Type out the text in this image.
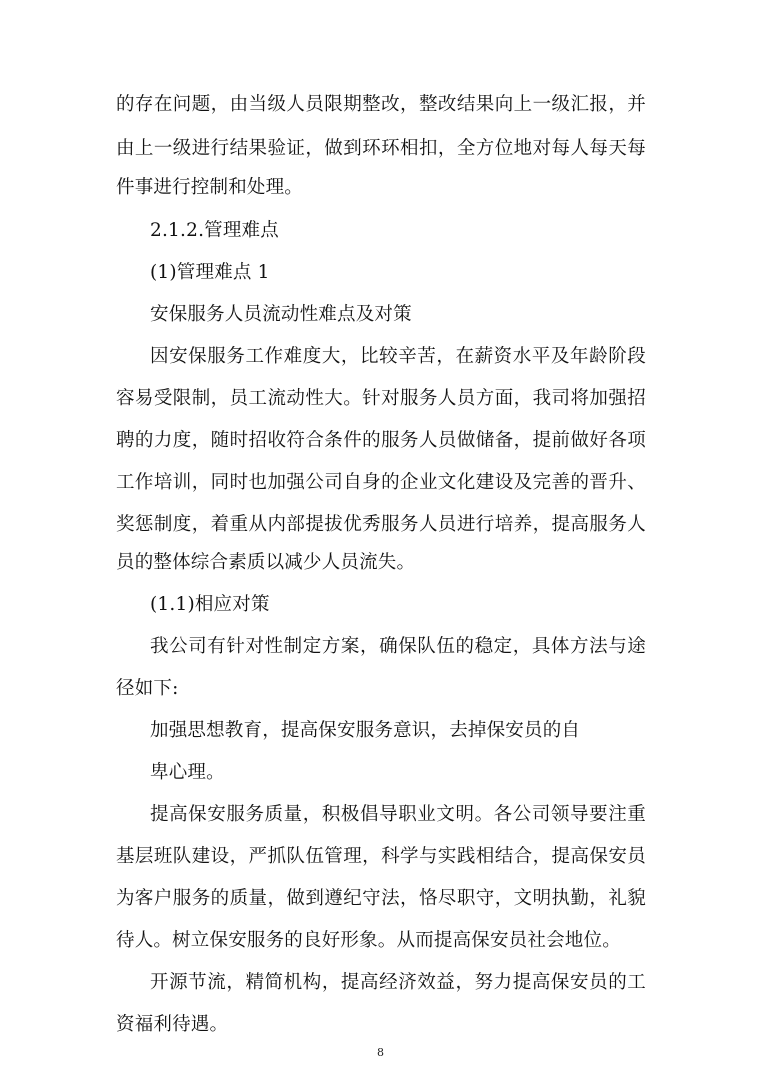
的存在问题，由当级人员限期整改，整改结果向上一级汇报，并
由上一级进行结果验证，做到环环相扣，全方位地对每人每天每
件事进行控制和处理。
2.1.2.管理难点
(1)管理难点 1
安保服务人员流动性难点及对策
因安保服务工作难度大，比较辛苦，在薪资水平及年龄阶段
容易受限制，员工流动性大。针对服务人员方面，我司将加强招
聘的力度，随时招收符合条件的服务人员做储备，提前做好各项
工作培训，同时也加强公司自身的企业文化建设及完善的晋升、
奖惩制度，着重从内部提拔优秀服务人员进行培养，提高服务人
员的整体综合素质以减少人员流失。
(1.1)相应对策
我公司有针对性制定方案，确保队伍的稳定，具体方法与途
径如下:
加强思想教育，提高保安服务意识，去掉保安员的自
卑心理。
提高保安服务质量，积极倡导职业文明。各公司领导要注重
基层班队建设，严抓队伍管理，科学与实践相结合，提高保安员
为客户服务的质量，做到遵纪守法，恪尽职守，文明执勤，礼貌
待人。树立保安服务的良好形象。从而提高保安员社会地位。
开源节流，精简机构，提高经济效益，努力提高保安员的工
资福利待遇。
8
